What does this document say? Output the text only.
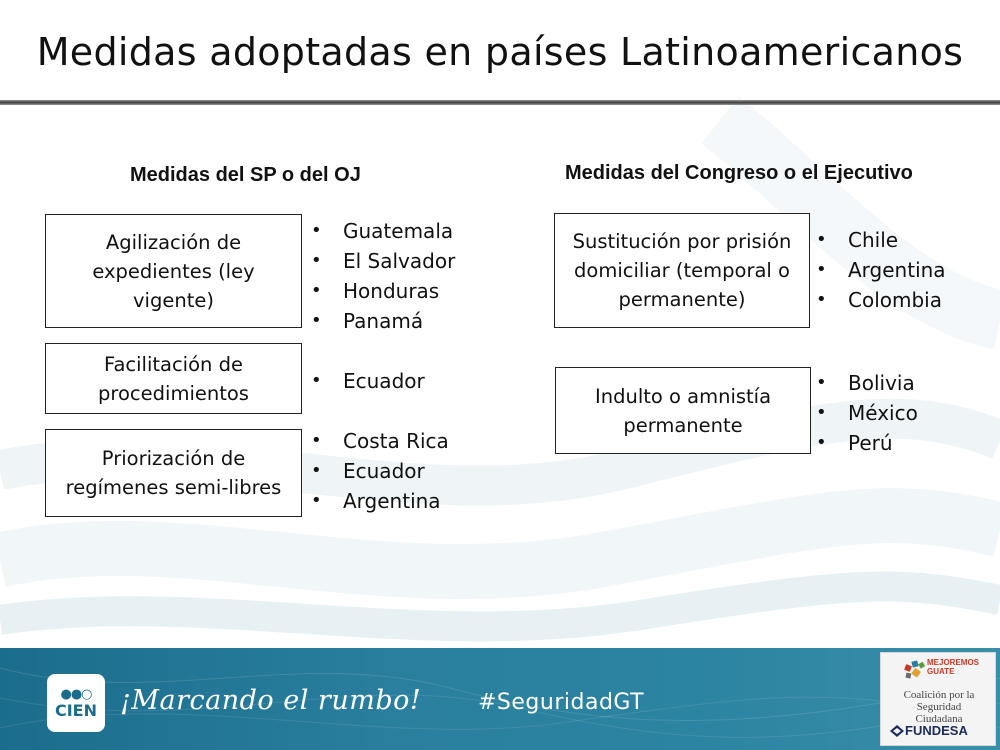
Medidas adoptadas en países Latinoamericanos
Medidas del SP o del OJ	Medidas del Congreso o el Ejecutivo
Agilización de expedientes (ley vigente)
• Guatemala
• El Salvador
• Honduras
• Panamá
Facilitación de procedimientos
•	Ecuador
Priorización de regímenes semi-libres
• Costa Rica
• Ecuador
• Argentina
Sustitución por prisión domiciliar (temporal o permanente)
• Chile
• Argentina
• Colombia
Indulto o amnistía permanente
• Bolivia
• México
• Perú
●●○
CIEN ¡Marcando el rumbo!	#SeguridadGT
MEJOREMOS GUATE
Coalición por la Seguridad Ciudadana
FUNDESA
